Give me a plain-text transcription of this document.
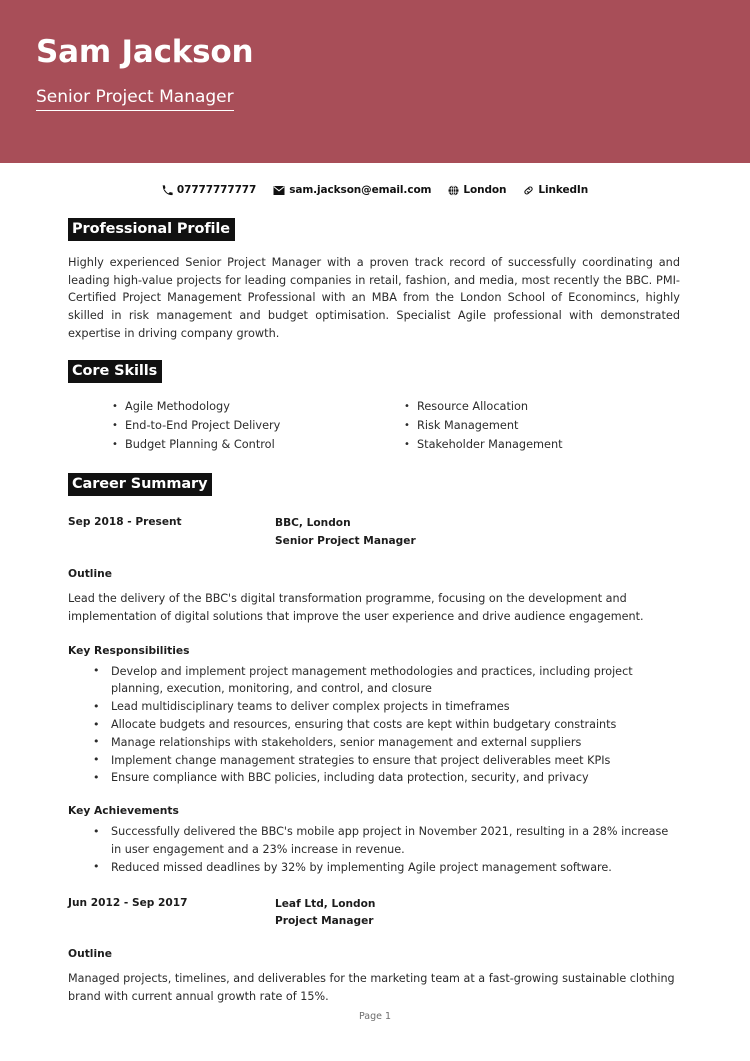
Sam Jackson
Senior Project Manager
07777777777	sam.jackson@email.com	London	LinkedIn
Professional Profile

Highly experienced Senior Project Manager with a proven track record of successfully coordinating and leading high-value projects for leading companies in retail, fashion, and media, most recently the BBC. PMI-Certified Project Management Professional with an MBA from the London School of Economincs, highly skilled in risk management and budget optimisation. Specialist Agile professional with demonstrated expertise in driving company growth.

Core Skills
• Agile Methodology
• End-to-End Project Delivery
• Budget Planning & Control
• Resource Allocation
• Risk Management
• Stakeholder Management
Career Summary
Sep 2018 - Present	BBC, London
Senior Project Manager
Outline

Lead the delivery of the BBC's digital transformation programme, focusing on the development and implementation of digital solutions that improve the user experience and drive audience engagement.

Key Responsibilities
• Develop and implement project management methodologies and practices, including project planning, execution, monitoring, and control, and closure
• Lead multidisciplinary teams to deliver complex projects in timeframes
• Allocate budgets and resources, ensuring that costs are kept within budgetary constraints
• Manage relationships with stakeholders, senior management and external suppliers
• Implement change management strategies to ensure that project deliverables meet KPIs
• Ensure compliance with BBC policies, including data protection, security, and privacy
Key Achievements
• Successfully delivered the BBC's mobile app project in November 2021, resulting in a 28% increase in user engagement and a 23% increase in revenue.
• Reduced missed deadlines by 32% by implementing Agile project management software.
Jun 2012 - Sep 2017	Leaf Ltd, London
Project Manager
Outline

Managed projects, timelines, and deliverables for the marketing team at a fast-growing sustainable clothing brand with current annual growth rate of 15%.

Page 1
